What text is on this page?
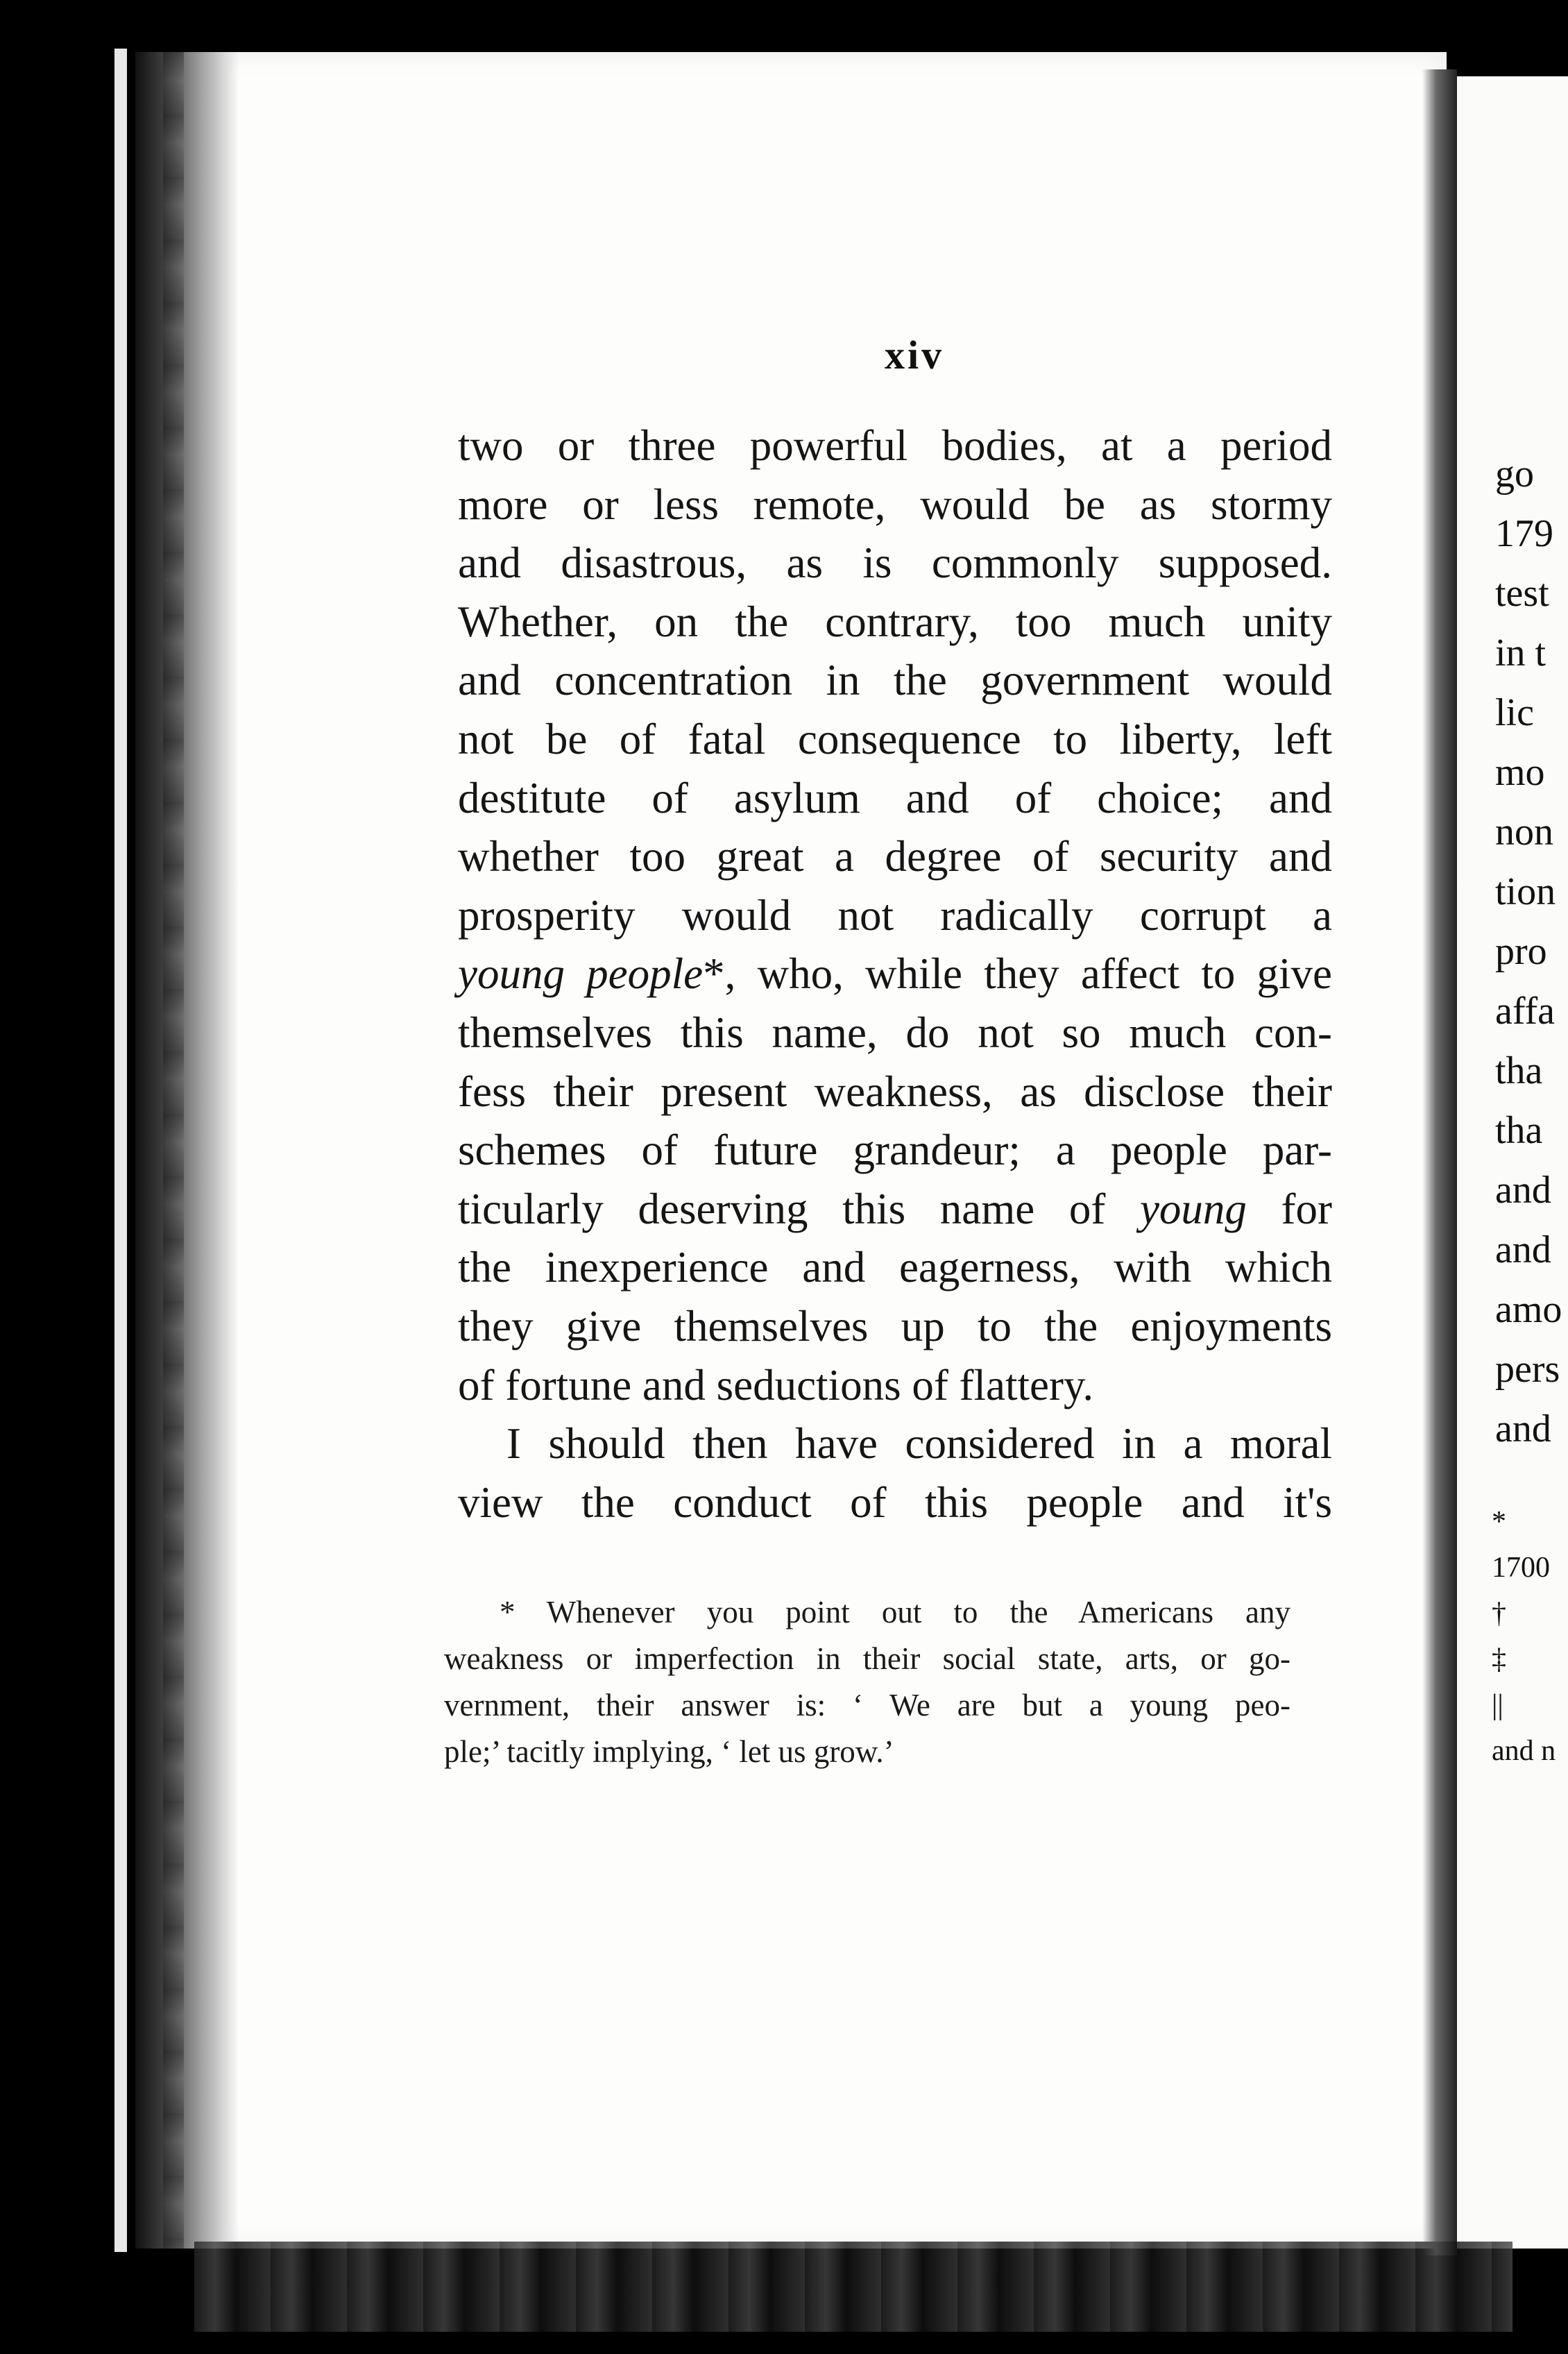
xiv
two or three powerful bodies, at a period
more or less remote, would be as stormy
and disastrous, as is commonly supposed.
Whether, on the contrary, too much unity
and concentration in the government would
not be of fatal consequence to liberty, left
destitute of asylum and of choice; and
whether too great a degree of security and
prosperity would not radically corrupt a
young people*, who, while they affect to give
themselves this name, do not so much con-
fess their present weakness, as disclose their
schemes of future grandeur; a people par-
ticularly deserving this name of young for
the inexperience and eagerness, with which
they give themselves up to the enjoyments
of fortune and seductions of flattery.
I should then have considered in a moral
view the conduct of this people and it's
* Whenever you point out to the Americans any
weakness or imperfection in their social state, arts, or go-
vernment, their answer is: ‘ We are but a young peo-
ple;’ tacitly implying, ‘ let us grow.’
go
179
test
in t
lic
mo
non
tion
pro
affa
tha
tha
and
and
amo
pers
and
*
1700
†
‡
||
and n
